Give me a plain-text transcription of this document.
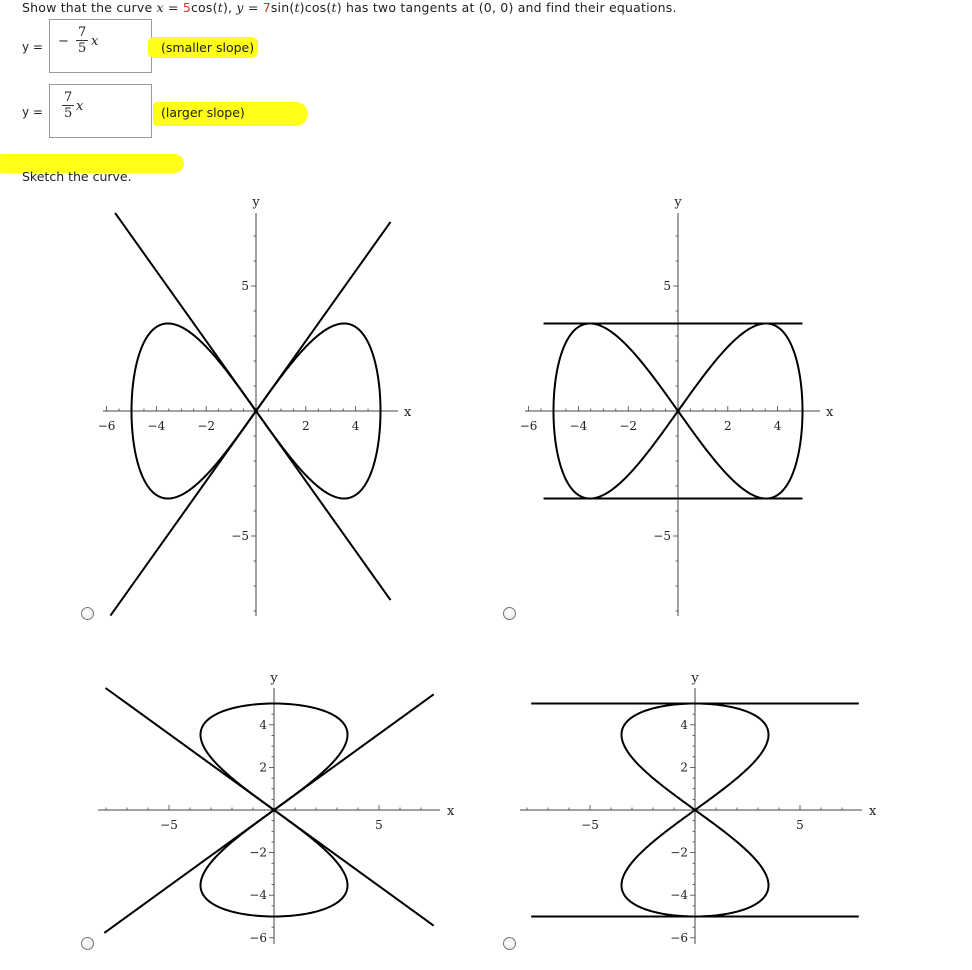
Show that the curve x = 5cos(t), y = 7sin(t)cos(t) has two tangents at (0, 0) and find their equations.
y = − $\frac{7}{5}$ x	(smaller slope)
$y = \frac{7}{5}$ x	(larger slope)
Sketch the curve.
−6	−4	−2	2	4
5
−5
x
y
−6	−4	−2	2	4
5
−5
x
y
−5	5
4
2
−2
−4
−6
x
y
−5	5
4
2
−2
−4
−6
x
y
